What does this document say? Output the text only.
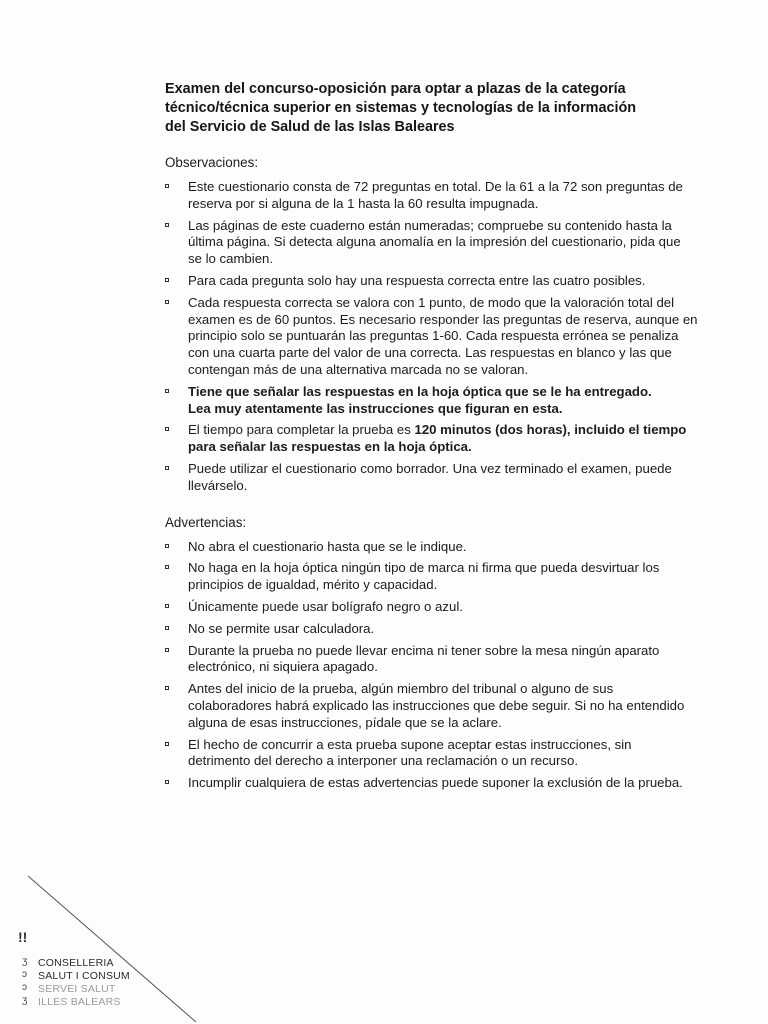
Examen del concurso-oposición para optar a plazas de la categoría
técnico/técnica superior en sistemas y tecnologías de la información
del Servicio de Salud de las Islas Baleares
Observaciones:
Este cuestionario consta de 72 preguntas en total. De la 61 a la 72 son preguntas de
reserva por si alguna de la 1 hasta la 60 resulta impugnada.
Las páginas de este cuaderno están numeradas; compruebe su contenido hasta la
última página. Si detecta alguna anomalía en la impresión del cuestionario, pida que
se lo cambien.
Para cada pregunta solo hay una respuesta correcta entre las cuatro posibles.
Cada respuesta correcta se valora con 1 punto, de modo que la valoración total del
examen es de 60 puntos. Es necesario responder las preguntas de reserva, aunque en
principio solo se puntuarán las preguntas 1-60. Cada respuesta errónea se penaliza
con una cuarta parte del valor de una correcta. Las respuestas en blanco y las que
contengan más de una alternativa marcada no se valoran.
Tiene que señalar las respuestas en la hoja óptica que se le ha entregado.
Lea muy atentamente las instrucciones que figuran en esta.
El tiempo para completar la prueba es 120 minutos (dos horas), incluido el tiempo
para señalar las respuestas en la hoja óptica.
Puede utilizar el cuestionario como borrador. Una vez terminado el examen, puede
llevárselo.
Advertencias:
No abra el cuestionario hasta que se le indique.
No haga en la hoja óptica ningún tipo de marca ni firma que pueda desvirtuar los
principios de igualdad, mérito y capacidad.
Únicamente puede usar bolígrafo negro o azul.
No se permite usar calculadora.
Durante la prueba no puede llevar encima ni tener sobre la mesa ningún aparato
electrónico, ni siquiera apagado.
Antes del inicio de la prueba, algún miembro del tribunal o alguno de sus
colaboradores habrá explicado las instrucciones que debe seguir. Si no ha entendido
alguna de esas instrucciones, pídale que se la aclare.
El hecho de concurrir a esta prueba supone aceptar estas instrucciones, sin
detrimento del derecho a interponer una reclamación o un recurso.
Incumplir cualquiera de estas advertencias puede suponer la exclusión de la prueba.
!!
ʒ
ɔ
ɔ
ʒ
CONSELLERIA
SALUT I CONSUM
SERVEI SALUT
ILLES BALEARS
